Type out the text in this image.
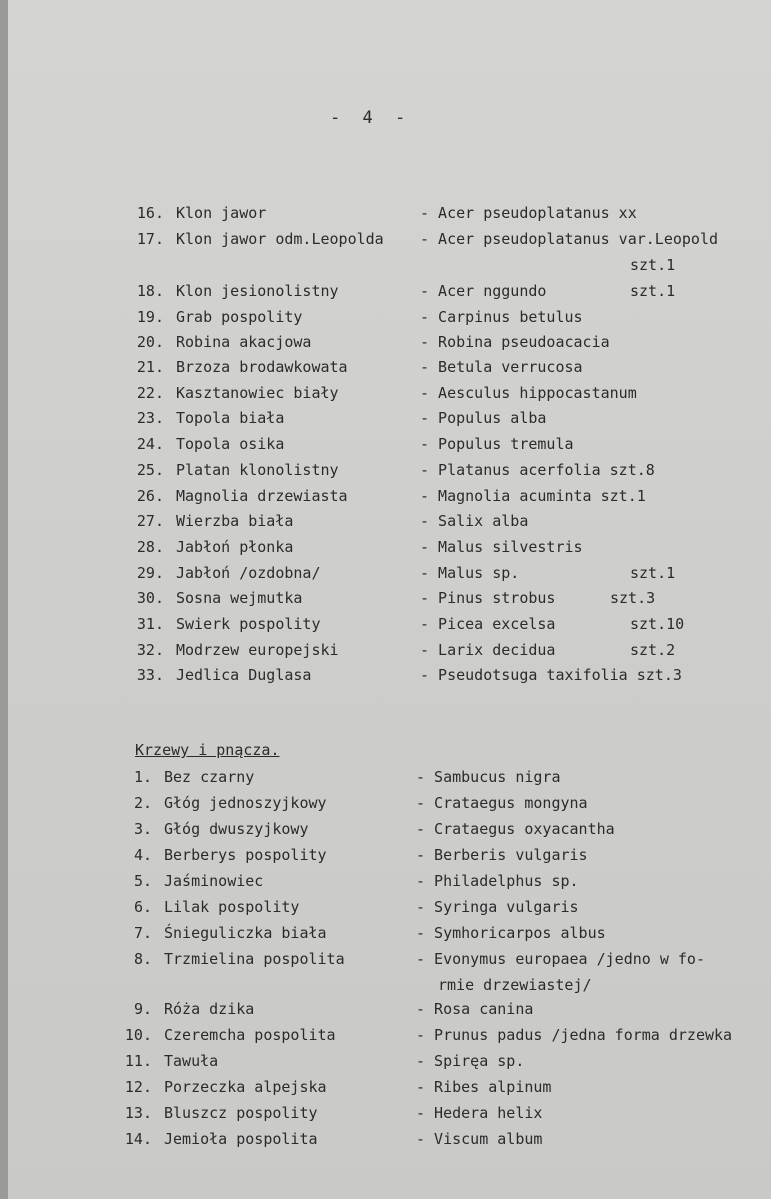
- 4 -
16. Klon jawor	- Acer pseudoplatanus xx
17. Klon jawor odm.Leopolda - Acer pseudoplatanus var.Leopold
szt.1
18. Klon jesionolistny	- Acer nggundo	szt.1
19. Grab pospolity	- Carpinus betulus
20. Robina akacjowa	- Robina pseudoacacia
21. Brzoza brodawkowata	- Betula verrucosa
22. Kasztanowiec biały	- Aesculus hippocastanum
23. Topola biała	- Populus alba
24. Topola osika	- Populus tremula
25. Platan klonolistny	- Platanus acerfolia szt.8
26. Magnolia drzewiasta	- Magnolia acuminta szt.1
27. Wierzba biała	- Salix alba
28. Jabłoń płonka	- Malus silvestris
29. Jabłoń /ozdobna/	- Malus sp.	szt.1
30. Sosna wejmutka	- Pinus strobus	szt.3
31. Swierk pospolity	- Picea excelsa	szt.10
32. Modrzew europejski	- Larix decidua	szt.2
33. Jedlica Duglasa	- Pseudotsuga taxifolia szt.3
Krzewy i pnącza.
1. Bez czarny	- Sambucus nigra
2. Głóg jednoszyjkowy	- Crataegus mongyna
3. Głóg dwuszyjkowy	- Crataegus oxyacantha
4. Berberys pospolity	- Berberis vulgaris
5. Jaśminowiec	- Philadelphus sp.
6. Lilak pospolity	- Syringa vulgaris
7. Śnieguliczka biała	- Symhoricarpos albus
8. Trzmielina pospolita	- Evonymus europaea /jedno w fo-
rmie drzewiastej/
9. Róża dzika	- Rosa canina
10. Czeremcha pospolita	- Prunus padus /jedna forma drzewka
11. Tawuła	- Spiręa sp.
12. Porzeczka alpejska	- Ribes alpinum
13. Bluszcz pospolity	- Hedera helix
14. Jemioła pospolita	- Viscum album
